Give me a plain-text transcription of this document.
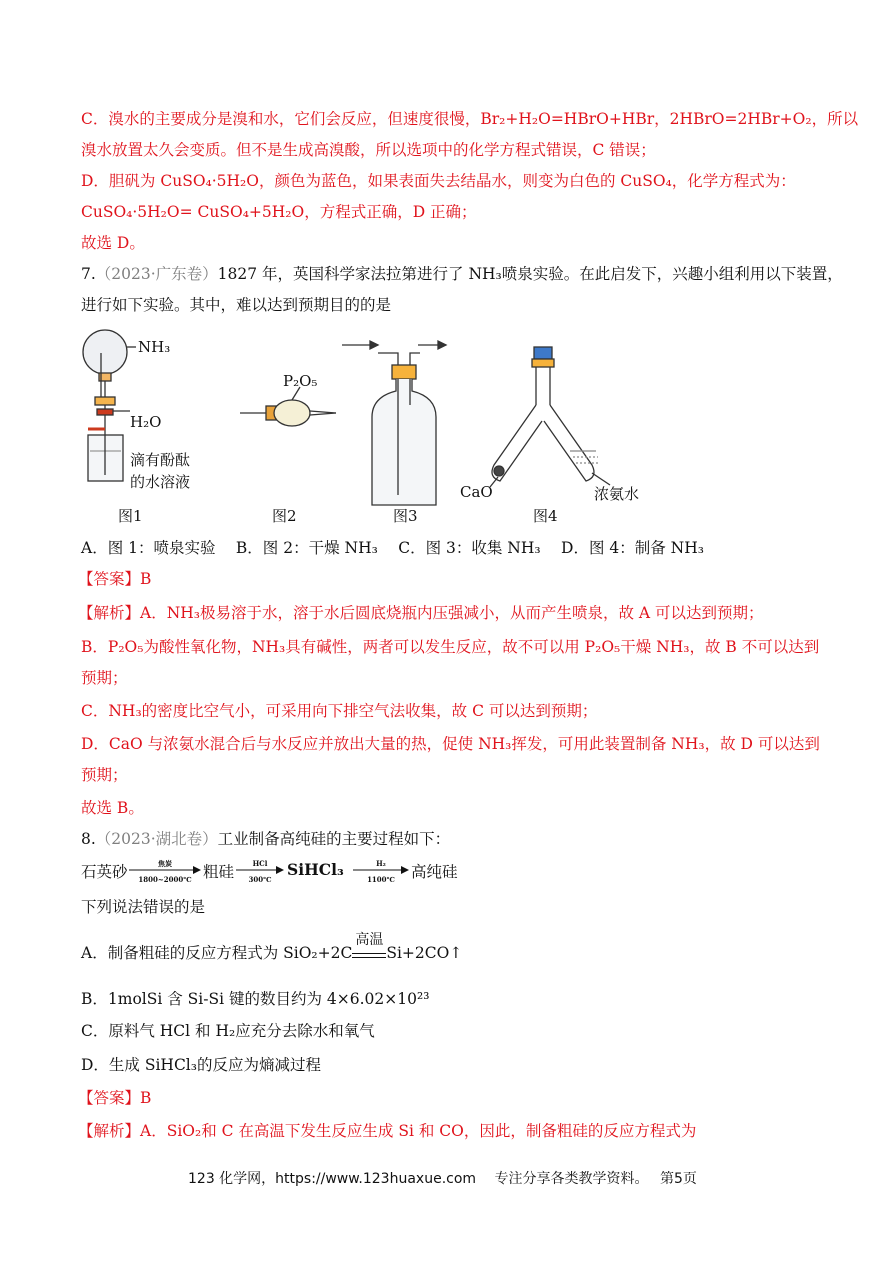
C．溴水的主要成分是溴和水，它们会反应，但速度很慢，Br₂+H₂O=HBrO+HBr，2HBrO=2HBr+O₂，所以
溴水放置太久会变质。但不是生成高溴酸，所以选项中的化学方程式错误，C 错误；
D．胆矾为 CuSO₄·5H₂O，颜色为蓝色，如果表面失去结晶水，则变为白色的 CuSO₄，化学方程式为：
CuSO₄·5H₂O= CuSO₄+5H₂O，方程式正确，D 正确；
故选 D。
7.（2023·广东卷）1827 年，英国科学家法拉第进行了 NH₃喷泉实验。在此启发下，兴趣小组利用以下装置，
进行如下实验。其中，难以达到预期目的的是
NH₃
H₂O
滴有酚酞
的水溶液
P₂O₅
CaO	浓氨水
图1	图2	图3	图4
A．图 1：喷泉实验　 B．图 2：干燥 NH₃　 C．图 3：收集 NH₃　 D．图 4：制备 NH₃
【答案】B
【解析】A．NH₃极易溶于水，溶于水后圆底烧瓶内压强减小，从而产生喷泉，故 A 可以达到预期；
B．P₂O₅为酸性氧化物，NH₃具有碱性，两者可以发生反应，故不可以用 P₂O₅干燥 NH₃，故 B 不可以达到
预期；
C．NH₃的密度比空气小，可采用向下排空气法收集，故 C 可以达到预期；
D．CaO 与浓氨水混合后与水反应并放出大量的热，促使 NH₃挥发，可用此装置制备 NH₃，故 D 可以达到
预期；
故选 B。
8.（2023·湖北卷）工业制备高纯硅的主要过程如下：
石英砂	焦炭
1800~2000℃ 粗硅	HCl
300℃
SiHCl₃	H₂
1100℃	高纯硅
下列说法错误的是
A．制备粗硅的反应方程式为 SiO₂+2C
高温
Si+2CO↑
B．1molSi 含 Si-Si 键的数目约为 4×6.02×10²³
C．原料气 HCl 和 H₂应充分去除水和氧气
D．生成 SiHCl₃的反应为熵减过程
【答案】B
【解析】A．SiO₂和 C 在高温下发生反应生成 Si 和 CO，因此，制备粗硅的反应方程式为
123 化学网，https://www.123huaxue.com　 专注分享各类教学资料。　 第5页
